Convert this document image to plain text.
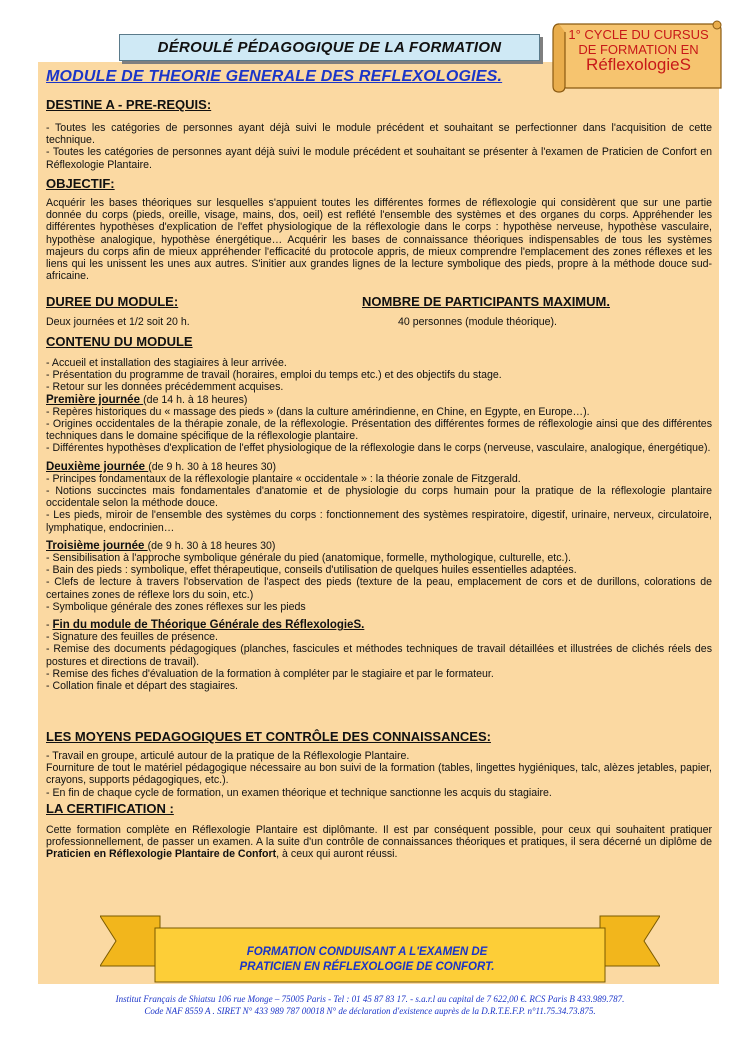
DÉROULÉ PÉDAGOGIQUE DE LA FORMATION
1° CYCLE DU CURSUS
DE FORMATION EN
RéflexologieS
MODULE DE THEORIE GENERALE DES REFLEXOLOGIES.
DESTINE A - PRE-REQUIS:
- Toutes les catégories de personnes ayant déjà suivi le module précédent et souhaitant se perfectionner dans l'acquisition de cette technique.
- Toutes les catégories de personnes ayant déjà suivi le module précédent et souhaitant se présenter à l'examen de Praticien de Confort en Réflexologie Plantaire.
OBJECTIF:
Acquérir les bases théoriques sur lesquelles s'appuient toutes les différentes formes de réflexologie qui considèrent que sur une partie donnée du corps (pieds, oreille, visage, mains, dos, oeil) est reflété l'ensemble des systèmes et des organes du corps. Appréhender les différentes hypothèses d'explication de l'effet physiologique de la réflexologie dans le corps : hypothèse nerveuse, hypothèse vasculaire, hypothèse analogique, hypothèse énergétique… Acquérir les bases de connaissance théoriques indispensables de tous les systèmes majeurs du corps afin de mieux appréhender l'efficacité du protocole appris, de mieux comprendre l'emplacement des zones réflexes et les liens qui les unissent les unes aux autres. S'initier aux grandes lignes de la lecture symbolique des pieds, propre à la méthode douce sud-africaine.
DUREE DU MODULE:	NOMBRE DE PARTICIPANTS MAXIMUM.
Deux journées et 1/2 soit 20 h.	40 personnes (module théorique).
CONTENU DU MODULE
- Accueil et installation des stagiaires à leur arrivée.
- Présentation du programme de travail (horaires, emploi du temps etc.) et des objectifs du stage.
- Retour sur les données précédemment acquises.
Première journée (de 14 h. à 18 heures)
- Repères historiques du « massage des pieds » (dans la culture amérindienne, en Chine, en Egypte, en Europe…).
- Origines occidentales de la thérapie zonale, de la réflexologie. Présentation des différentes formes de réflexologie ainsi que des différentes techniques dans le domaine spécifique de la réflexologie plantaire.
- Différentes hypothèses d'explication de l'effet physiologique de la réflexologie dans le corps (nerveuse, vasculaire, analogique, énergétique).
Deuxième journée (de 9 h. 30 à 18 heures 30)
- Principes fondamentaux de la réflexologie plantaire « occidentale » : la théorie zonale de Fitzgerald.
- Notions succinctes mais fondamentales d'anatomie et de physiologie du corps humain pour la pratique de la réflexologie plantaire occidentale selon la méthode douce.
- Les pieds, miroir de l'ensemble des systèmes du corps : fonctionnement des systèmes respiratoire, digestif, urinaire, nerveux, circulatoire, lymphatique, endocrinien…
Troisième journée (de 9 h. 30 à 18 heures 30)
- Sensibilisation à l'approche symbolique générale du pied (anatomique, formelle, mythologique, culturelle, etc.).
- Bain des pieds : symbolique, effet thérapeutique, conseils d'utilisation de quelques huiles essentielles adaptées.
- Clefs de lecture à travers l'observation de l'aspect des pieds (texture de la peau, emplacement de cors et de durillons, colorations de certaines zones de réflexe lors du soin, etc.)
- Symbolique générale des zones réflexes sur les pieds
- Fin du module de Théorique Générale des RéflexologieS.
- Signature des feuilles de présence.
- Remise des documents pédagogiques (planches, fascicules et méthodes techniques de travail détaillées et illustrées de clichés réels des postures et directions de travail).
- Remise des fiches d'évaluation de la formation à compléter par le stagiaire et par le formateur.
- Collation finale et départ des stagiaires.
LES MOYENS PEDAGOGIQUES ET CONTRÔLE DES CONNAISSANCES:
- Travail en groupe, articulé autour de la pratique de la Réflexologie Plantaire.
Fourniture de tout le matériel pédagogique nécessaire au bon suivi de la formation (tables, lingettes hygiéniques, talc, alèzes jetables, papier, crayons, supports pédagogiques, etc.).
- En fin de chaque cycle de formation, un examen théorique et technique sanctionne les acquis du stagiaire.
LA CERTIFICATION :
Cette formation complète en Réflexologie Plantaire est diplômante. Il est par conséquent possible, pour ceux qui souhaitent pratiquer professionnellement, de passer un examen. A la suite d'un contrôle de connaissances théoriques et pratiques, il sera décerné un diplôme de Praticien en Réflexologie Plantaire de Confort, à ceux qui auront réussi.
FORMATION CONDUISANT A L'EXAMEN DE
PRATICIEN EN RÉFLEXOLOGIE DE CONFORT.
Institut Français de Shiatsu 106 rue Monge – 75005 Paris - Tel : 01 45 87 83 17. - s.a.r.l au capital de 7 622,00 €. RCS Paris B 433.989.787.
Code NAF 8559 A . SIRET N° 433 989 787 00018 N° de déclaration d'existence auprès de la D.R.T.E.F.P. n°11.75.34.73.875.
